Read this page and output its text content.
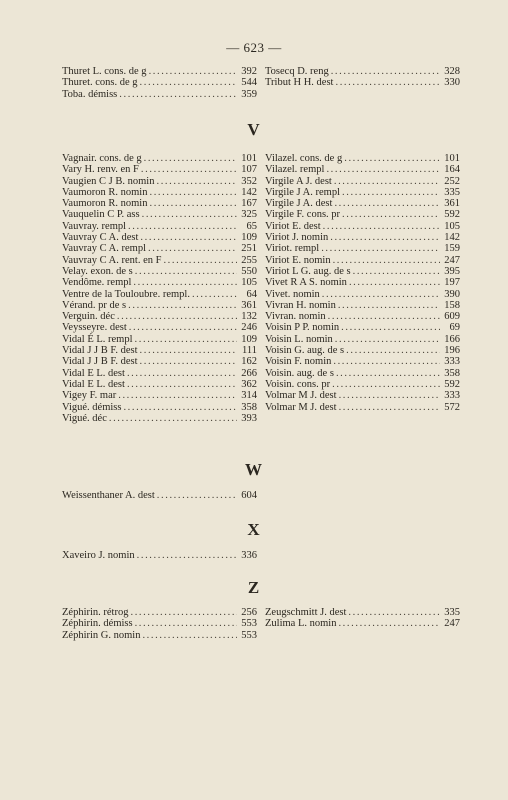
— 623 —
Thuret L. cons. de g .....	392
Thuret. cons. de g .....	544
Toba. démiss .....	359
Tosecq D. reng .....	328
Tribut H H. dest .....	330
V
Vagnair. cons. de g .....	101
Vary H. renv. en F .....	107
Vaugien C J B. nomin .....	352
Vaumoron R. nomin .....	142
Vaumoron R. nomin .....	167
Vauquelin C P. ass .....	325
Vauvray. rempl .....	65
Vauvray C A. dest .....	109
Vauvray C A. rempl .....	251
Vauvray C A. rent. en F .....	255
Velay. exon. de s .....	550
Vendôme. rempl .....	105
Ventre de la Touloubre. rempl. .....	64
Vérand. pr de s .....	361
Verguin. déc .....	132
Veysseyre. dest .....	246
Vidal É L. rempl .....	109
Vidal J J B F. dest .....	111
Vidal J J B F. dest .....	162
Vidal E L. dest .....	266
Vidal E L. dest .....	362
Vigey F. mar .....	314
Vigué. démiss .....	358
Vigué. déc .....	393
Vilazel. cons. de g .....	101
Vilazel. rempl .....	164
Virgile A J. dest .....	252
Virgile J A. rempl .....	335
Virgile J A. dest .....	361
Virgile F. cons. pr .....	592
Viriot E. dest .....	105
Viriot J. nomin .....	142
Viriot. rempl .....	159
Viriot E. nomin .....	247
Viriot L G. aug. de s .....	395
Vivet R A S. nomin .....	197
Vivet. nomin .....	390
Vivran H. nomin .....	158
Vivran. nomin .....	609
Voisin P P. nomin .....	69
Voisin L. nomin .....	166
Voisin G. aug. de s .....	196
Voisin F. nomin .....	333
Voisin. aug. de s .....	358
Voisin. cons. pr .....	592
Volmar M J. dest .....	333
Volmar M J. dest .....	572
W
Weissenthaner A. dest .....	604
X
Xaveiro J. nomin .....	336
Z
Zéphirin. rétrog .....	256
Zéphirin. démiss .....	553
Zéphirin G. nomin .....	553
Zeugschmitt J. dest .....	335
Zulima L. nomin .....	247
